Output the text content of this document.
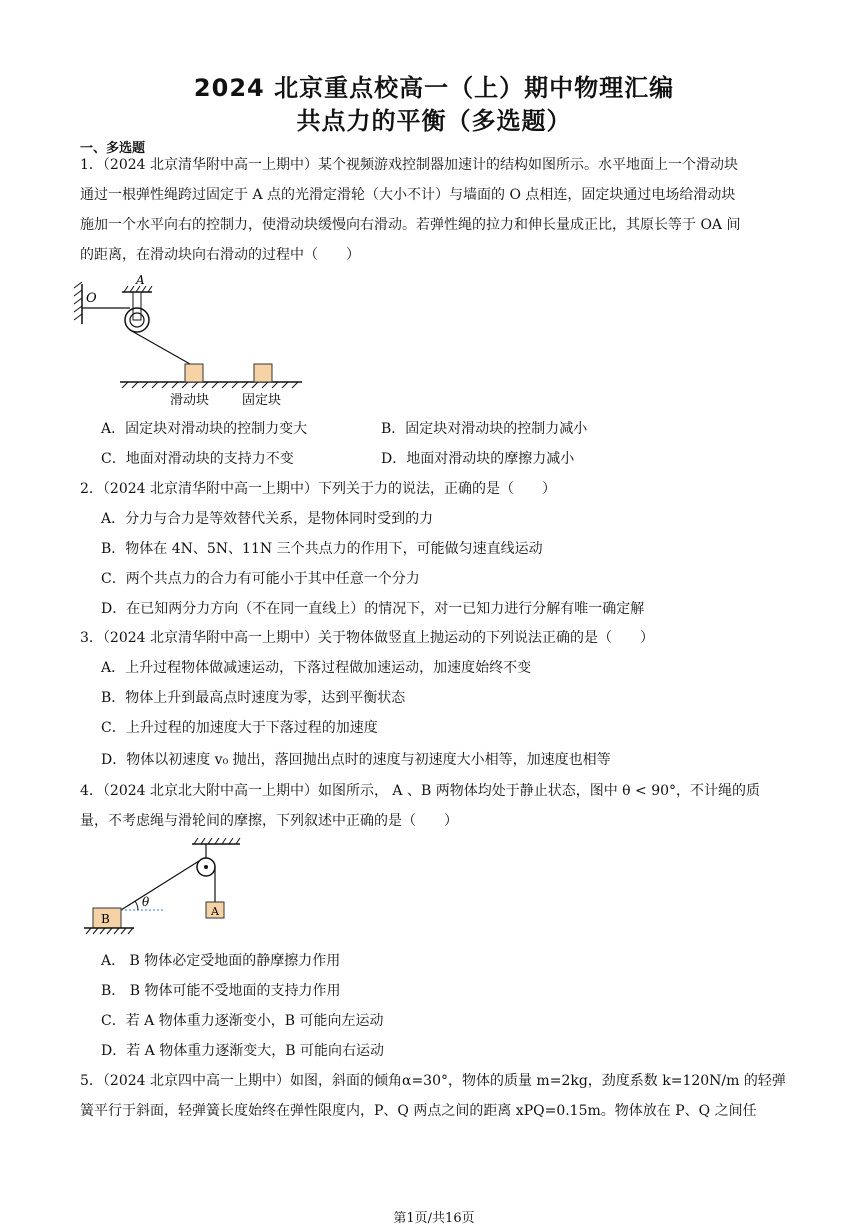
2024 北京重点校高一（上）期中物理汇编
共点力的平衡（多选题）
一、多选题
1．（2024 北京清华附中高一上期中）某个视频游戏控制器加速计的结构如图所示。水平地面上一个滑动块
通过一根弹性绳跨过固定于 A 点的光滑定滑轮（大小不计）与墙面的 O 点相连，固定块通过电场给滑动块
施加一个水平向右的控制力，使滑动块缓慢向右滑动。若弹性绳的拉力和伸长量成正比，其原长等于 OA 间
的距离，在滑动块向右滑动的过程中（　　）
O
A
滑动块	固定块
A．固定块对滑动块的控制力变大	B．固定块对滑动块的控制力减小
C．地面对滑动块的支持力不变	D．地面对滑动块的摩擦力减小
2．（2024 北京清华附中高一上期中）下列关于力的说法，正确的是（　　）
A．分力与合力是等效替代关系，是物体同时受到的力
B．物体在 4N、5N、11N 三个共点力的作用下，可能做匀速直线运动
C．两个共点力的合力有可能小于其中任意一个分力
D．在已知两分力方向（不在同一直线上）的情况下，对一已知力进行分解有唯一确定解
3．（2024 北京清华附中高一上期中）关于物体做竖直上抛运动的下列说法正确的是（　　）
A．上升过程物体做减速运动，下落过程做加速运动，加速度始终不变
B．物体上升到最高点时速度为零，达到平衡状态
C．上升过程的加速度大于下落过程的加速度
D．物体以初速度 v₀ 抛出，落回抛出点时的速度与初速度大小相等，加速度也相等
4．（2024 北京北大附中高一上期中）如图所示， A 、B 两物体均处于静止状态，图中 θ < 90°，不计绳的质
量，不考虑绳与滑轮间的摩擦，下列叙述中正确的是（　　）
A
θ
B
A． B 物体必定受地面的静摩擦力作用
B． B 物体可能不受地面的支持力作用
C．若 A 物体重力逐渐变小，B 可能向左运动
D．若 A 物体重力逐渐变大，B 可能向右运动
5．（2024 北京四中高一上期中）如图，斜面的倾角α=30°，物体的质量 m=2kg，劲度系数 k=120N/m 的轻弹
簧平行于斜面，轻弹簧长度始终在弹性限度内，P、Q 两点之间的距离 xPQ=0.15m。物体放在 P、Q 之间任
第1页/共16页
